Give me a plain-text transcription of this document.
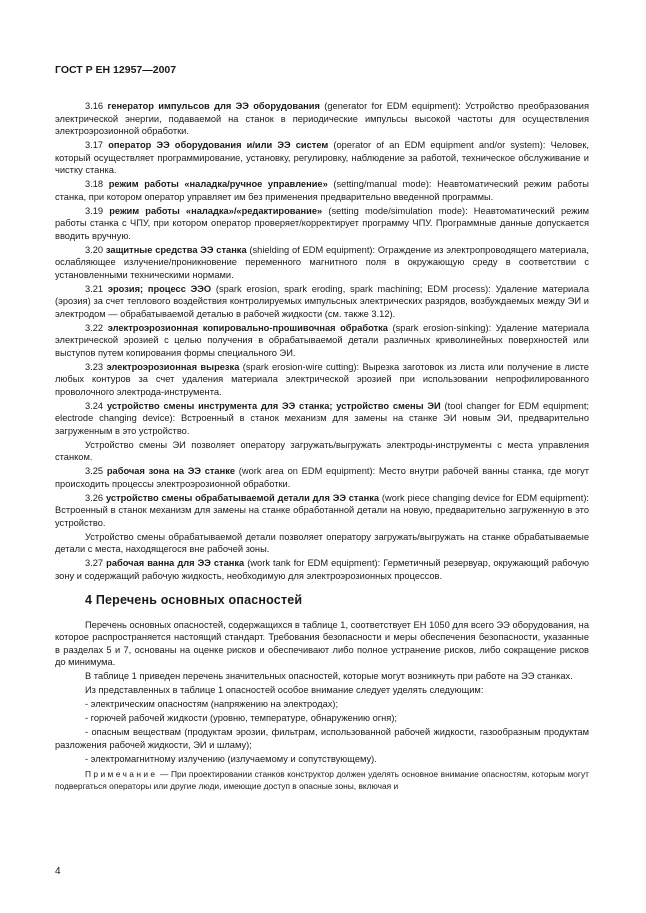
ГОСТ Р ЕН 12957—2007

3.16 генератор импульсов для ЭЭ оборудования (generator for EDM equipment): Устройство преобразования электрической энергии, подаваемой на станок в периодические импульсы высокой частоты для осуществления электроэрозионной обработки.

3.17 оператор ЭЭ оборудования и/или ЭЭ систем (operator of an EDM equipment and/or system): Человек, который осуществляет программирование, установку, регулировку, наблюдение за работой, техническое обслуживание и чистку станка.

3.18 режим работы «наладка/ручное управление» (setting/manual mode): Неавтоматический режим работы станка, при котором оператор управляет им без применения предварительно введенной программы.

3.19 режим работы «наладка»/«редактирование» (setting mode/simulation mode): Неавтоматический режим работы станка с ЧПУ, при котором оператор проверяет/корректирует программу ЧПУ. Программные данные допускается вводить вручную.

3.20 защитные средства ЭЭ станка (shielding of EDM equipment): Ограждение из электропроводящего материала, ослабляющее излучение/проникновение переменного магнитного поля в окружающую среду в соответствии с установленными техническими нормами.

3.21 эрозия; процесс ЭЭО (spark erosion, spark eroding, spark machining; EDM process): Удаление материала (эрозия) за счет теплового воздействия контролируемых импульсных электрических разрядов, возбуждаемых между ЭИ и электродом — обрабатываемой деталью в рабочей жидкости (см. также 3.12).

3.22 электроэрозионная копировально-прошивочная обработка (spark erosion-sinking): Удаление материала электрической эрозией с целью получения в обрабатываемой детали различных криволинейных поверхностей или выступов путем копирования формы специального ЭИ.

3.23 электроэрозионная вырезка (spark erosion-wire cutting): Вырезка заготовок из листа или получение в листе любых контуров за счет удаления материала электрической эрозией при использовании непрофилированного проволочного электрода-инструмента.

3.24 устройство смены инструмента для ЭЭ станка; устройство смены ЭИ (tool changer for EDM equipment; electrode changing device): Встроенный в станок механизм для замены на станке ЭИ новым ЭИ, предварительно загруженным в это устройство.

Устройство смены ЭИ позволяет оператору загружать/выгружать электроды-инструменты с места управления станком.

3.25 рабочая зона на ЭЭ станке (work area on EDM equipment): Место внутри рабочей ванны станка, где могут происходить процессы электроэрозионной обработки.

3.26 устройство смены обрабатываемой детали для ЭЭ станка (work piece changing device for EDM equipment): Встроенный в станок механизм для замены на станке обработанной детали на новую, предварительно загруженную в это устройство.

Устройство смены обрабатываемой детали позволяет оператору загружать/выгружать на станке обрабатываемые детали с места, находящегося вне рабочей зоны.

3.27 рабочая ванна для ЭЭ станка (work tank for EDM equipment): Герметичный резервуар, окружающий рабочую зону и содержащий рабочую жидкость, необходимую для электроэрозионных процессов.

4 Перечень основных опасностей

Перечень основных опасностей, содержащихся в таблице 1, соответствует ЕН 1050 для всего ЭЭ оборудования, на которое распространяется настоящий стандарт. Требования безопасности и меры обеспечения безопасности, указанные в разделах 5 и 7, основаны на оценке рисков и обеспечивают либо полное устранение рисков, либо сокращение рисков до минимума.

В таблице 1 приведен перечень значительных опасностей, которые могут возникнуть при работе на ЭЭ станках.

Из представленных в таблице 1 опасностей особое внимание следует уделять следующим:

- электрическим опасностям (напряжению на электродах);

- горючей рабочей жидкости (уровню, температуре, обнаружению огня);

- опасным веществам (продуктам эрозии, фильтрам, использованной рабочей жидкости, газообразным продуктам разложения рабочей жидкости, ЭИ и шламу);

- электромагнитному излучению (излучаемому и сопутствующему).

Примечание — При проектировании станков конструктор должен уделять основное внимание опасностям, которым могут подвергаться операторы или другие люди, имеющие доступ в опасные зоны, включая и

4
